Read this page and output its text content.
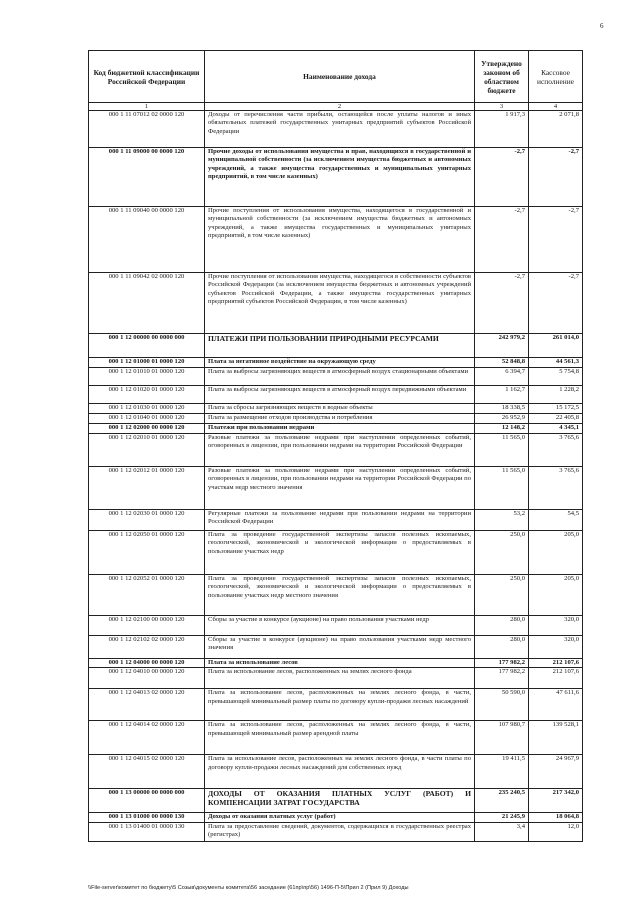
6
Код бюджетной классификации Российской Федерации	Наименование дохода	Утверждено законом об областном бюджете	Кассовое исполнение
1	2	3	4
000 1 11 07012 02 0000 120	Доходы от перечисления части прибыли, остающейся после уплаты налогов и иных обязательных платежей государственных унитарных предприятий субъектов Российской Федерации	1 917,3	2 071,8
000 1 11 09000 00 0000 120	Прочие доходы от использования имущества и прав, находящихся в государственной и муниципальной собственности (за исключением имущества бюджетных и автономных учреждений, а также имущества государственных и муниципальных унитарных предприятий, в том числе казенных)	-2,7	-2,7
000 1 11 09040 00 0000 120	Прочие поступления от использования имущества, находящегося в государственной и муниципальной собственности (за исключением имущества бюджетных и автономных учреждений, а также имущества государственных и муниципальных унитарных предприятий, в том числе казенных)	-2,7	-2,7
000 1 11 09042 02 0000 120	Прочие поступления от использования имущества, находящегося в собственности субъектов Российской Федерации (за исключением имущества бюджетных и автономных учреждений субъектов Российской Федерации, а также имущества государственных унитарных предприятий субъектов Российской Федерации, в том числе казенных)	-2,7	-2,7
000 1 12 00000 00 0000 000	ПЛАТЕЖИ ПРИ ПОЛЬЗОВАНИИ ПРИРОДНЫМИ РЕСУРСАМИ	242 979,2	261 014,0
000 1 12 01000 01 0000 120	Плата за негативное воздействие на окружающую среду	52 848,8	44 561,3
000 1 12 01010 01 0000 120	Плата за выбросы загрязняющих веществ в атмосферный воздух стационарными объектами	6 394,7	5 754,8
000 1 12 01020 01 0000 120	Плата за выбросы загрязняющих веществ в атмосферный воздух передвижными объектами	1 162,7	1 228,2
000 1 12 01030 01 0000 120	Плата за сбросы загрязняющих веществ в водные объекты	18 338,5	15 172,5
000 1 12 01040 01 0000 120	Плата за размещение отходов производства и потребления	26 952,9	22 405,8
000 1 12 02000 00 0000 120	Платежи при пользовании недрами	12 148,2	4 345,1
000 1 12 02010 01 0000 120	Разовые платежи за пользование недрами при наступлении определенных событий, оговоренных в лицензии, при пользовании недрами на территории Российской Федерации	11 565,0	3 765,6
000 1 12 02012 01 0000 120	Разовые платежи за пользование недрами при наступлении определенных событий, оговоренных в лицензии, при пользовании недрами на территории Российской Федерации по участкам недр местного значения	11 565,0	3 765,6
000 1 12 02030 01 0000 120	Регулярные платежи за пользование недрами при пользовании недрами на территории Российской Федерации	53,2	54,5
000 1 12 02050 01 0000 120	Плата за проведение государственной экспертизы запасов полезных ископаемых, геологической, экономической и экологической информации о предоставляемых в пользование участках недр	250,0	205,0
000 1 12 02052 01 0000 120	Плата за проведение государственной экспертизы запасов полезных ископаемых, геологической, экономической и экологической информации о предоставляемых в пользование участках недр местного значения	250,0	205,0
000 1 12 02100 00 0000 120	Сборы за участие в конкурсе (аукционе) на право пользования участками недр	280,0	320,0
000 1 12 02102 02 0000 120	Сборы за участие в конкурсе (аукционе) на право пользования участками недр местного значения	280,0	320,0
000 1 12 04000 00 0000 120	Плата за использование лесов	177 982,2	212 107,6
000 1 12 04010 00 0000 120	Плата за использование лесов, расположенных на землях лесного фонда	177 982,2	212 107,6
000 1 12 04013 02 0000 120	Плата за использование лесов, расположенных на землях лесного фонда, в части, превышающей минимальный размер платы по договору купли-продажи лесных насаждений	50 590,0	47 611,6
000 1 12 04014 02 0000 120	Плата за использование лесов, расположенных на землях лесного фонда, в части, превышающей минимальный размер арендной платы	107 980,7	139 528,1
000 1 12 04015 02 0000 120	Плата за использование лесов, расположенных на землях лесного фонда, в части платы по договору купли-продажи лесных насаждений для собственных нужд	19 411,5	24 967,9
000 1 13 00000 00 0000 000	ДОХОДЫ ОТ ОКАЗАНИЯ ПЛАТНЫХ УСЛУГ (РАБОТ) И КОМПЕНСАЦИИ ЗАТРАТ ГОСУДАРСТВА	235 240,5	217 342,0
000 1 13 01000 00 0000 130	Доходы от оказания платных услуг (работ)	21 245,9	18 064,8
000 1 13 01400 01 0000 130	Плата за предоставление сведений, документов, содержащихся в государственных реестрах (регистрах)	3,4	12,0
\\File-server\комитет по бюджету\5 Созыв\документы комитета\56 заседание (61пр\пр\56) 1496-П-5\Прил 2 (Прил 9) Доходы
